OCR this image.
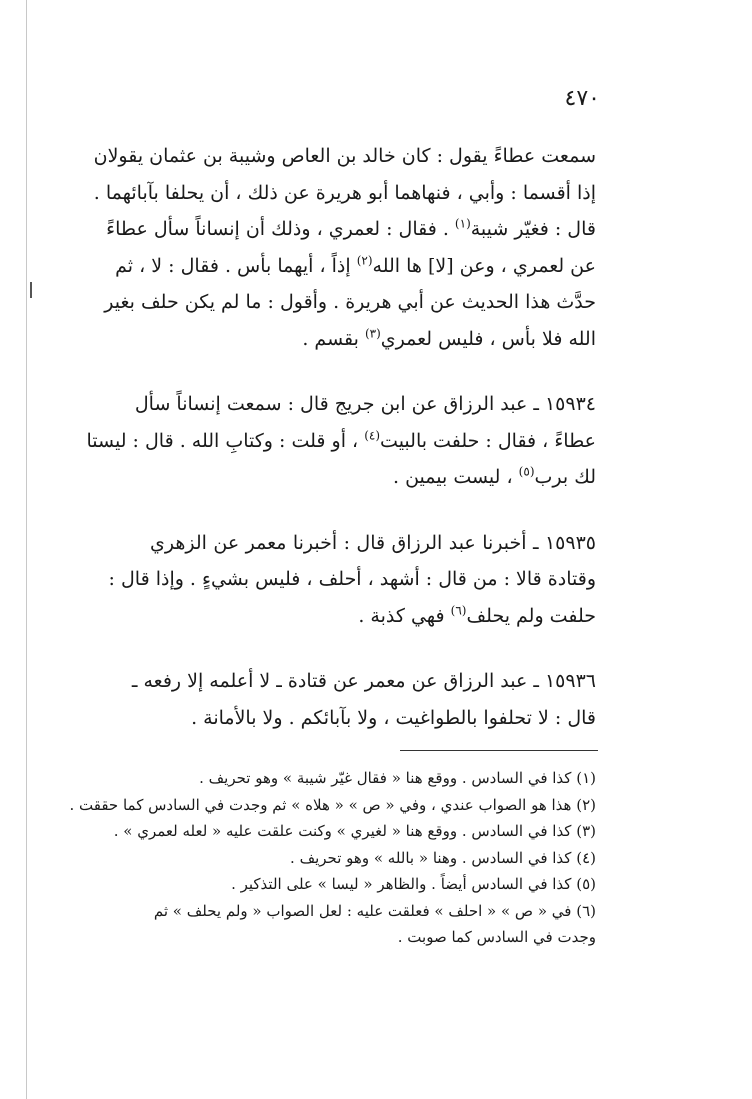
٤٧٠

سمعت عطاءً يقول : كان خالد بن العاص وشيبة بن عثمان يقولان
إذا أقسما : وأبي ، فنهاهما أبو هريرة عن ذلك ، أن يحلفا بآبائهما .
قال : فغيّر شيبة$^{(١)}$ . فقال : لعمري ، وذلك أن إنساناً سأل عطاءً
عن لعمري ، وعن [لا] ها الله$^{(٢)}$ إذاً ، أيهما بأس . فقال : لا ، ثم
حدَّث هذا الحديث عن أبي هريرة . وأقول : ما لم يكن حلف بغير
الله فلا بأس ، فليس لعمري$^{(٣)}$ بقسم .

١٥٩٣٤ ـ عبد الرزاق عن ابن جريج قال : سمعت إنساناً سأل
عطاءً ، فقال : حلفت بالبيت$^{(٤)}$ ، أو قلت : وكتابِ الله . قال : ليستا
لك برب$^{(٥)}$ ، ليست بيمين .

١٥٩٣٥ ـ أخبرنا عبد الرزاق قال : أخبرنا معمر عن الزهري
وقتادة قالا : من قال : أشهد ، أحلف ، فليس بشيءٍ . وإذا قال :
حلفت ولم يحلف$^{(٦)}$ فهي كذبة .

١٥٩٣٦ ـ عبد الرزاق عن معمر عن قتادة ـ لا أعلمه إلا رفعه ـ
قال : لا تحلفوا بالطواغيت ، ولا بآبائكم . ولا بالأمانة .

(١) كذا في السادس . ووقع هنا « فقال غيّر شيبة » وهو تحريف .
(٢) هذا هو الصواب عندي ، وفي « ص » « هلاه » ثم وجدت في السادس كما حققت .
(٣) كذا في السادس . ووقع هنا « لغيري » وكنت علقت عليه « لعله لعمري » .
(٤) كذا في السادس . وهنا « بالله » وهو تحريف .
(٥) كذا في السادس أيضاً . والظاهر « ليسا » على التذكير .
(٦) في « ص » « احلف » فعلقت عليه : لعل الصواب « ولم يحلف » ثم وجدت في السادس كما صوبت .
